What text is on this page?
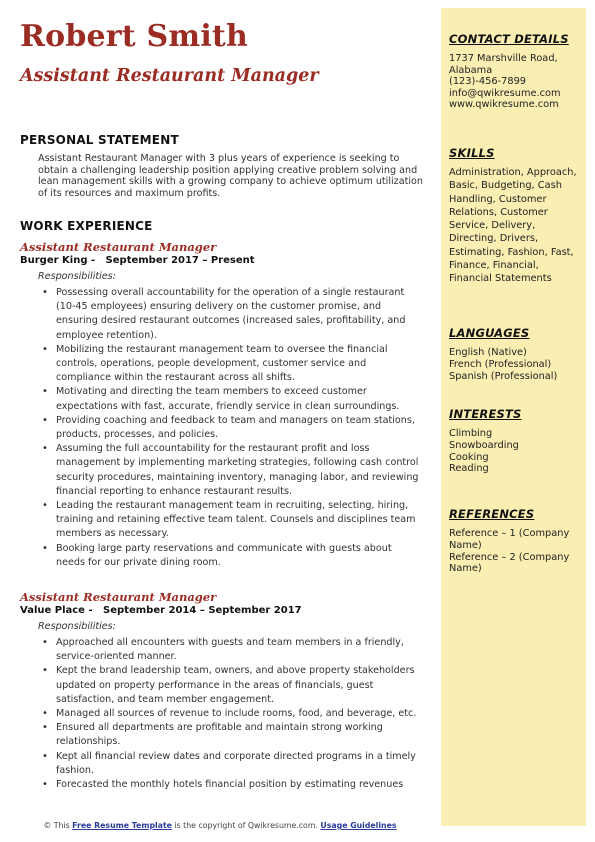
Robert Smith
Assistant Restaurant Manager
PERSONAL STATEMENT
Assistant Restaurant Manager with 3 plus years of experience is seeking to obtain a challenging leadership position applying creative problem solving and lean management skills with a growing company to achieve optimum utilization of its resources and maximum profits.
WORK EXPERIENCE
Assistant Restaurant Manager
Burger King -   September 2017 – Present
Responsibilities:
• Possessing overall accountability for the operation of a single restaurant (10-45 employees) ensuring delivery on the customer promise, and ensuring desired restaurant outcomes (increased sales, profitability, and employee retention).
• Mobilizing the restaurant management team to oversee the financial controls, operations, people development, customer service and compliance within the restaurant across all shifts.
• Motivating and directing the team members to exceed customer expectations with fast, accurate, friendly service in clean surroundings.
• Providing coaching and feedback to team and managers on team stations, products, processes, and policies.
• Assuming the full accountability for the restaurant profit and loss management by implementing marketing strategies, following cash control security procedures, maintaining inventory, managing labor, and reviewing financial reporting to enhance restaurant results.
• Leading the restaurant management team in recruiting, selecting, hiring, training and retaining effective team talent. Counsels and disciplines team members as necessary.
• Booking large party reservations and communicate with guests about needs for our private dining room.
Assistant Restaurant Manager
Value Place -   September 2014 – September 2017
Responsibilities:
• Approached all encounters with guests and team members in a friendly, service-oriented manner.
• Kept the brand leadership team, owners, and above property stakeholders updated on property performance in the areas of financials, guest satisfaction, and team member engagement.
• Managed all sources of revenue to include rooms, food, and beverage, etc.
• Ensured all departments are profitable and maintain strong working relationships.
• Kept all financial review dates and corporate directed programs in a timely fashion.
• Forecasted the monthly hotels financial position by estimating revenues
© This Free Resume Template is the copyright of Qwikresume.com. Usage Guidelines
CONTACT DETAILS
1737 Marshville Road,
Alabama
(123)-456-7899
info@qwikresume.com
www.qwikresume.com
SKILLS
Administration, Approach, Basic, Budgeting, Cash Handling, Customer Relations, Customer Service, Delivery, Directing, Drivers, Estimating, Fashion, Fast, Finance, Financial, Financial Statements
LANGUAGES
English (Native)
French (Professional)
Spanish (Professional)
INTERESTS
Climbing
Snowboarding
Cooking
Reading
REFERENCES
Reference – 1 (Company Name)
Reference – 2 (Company Name)
